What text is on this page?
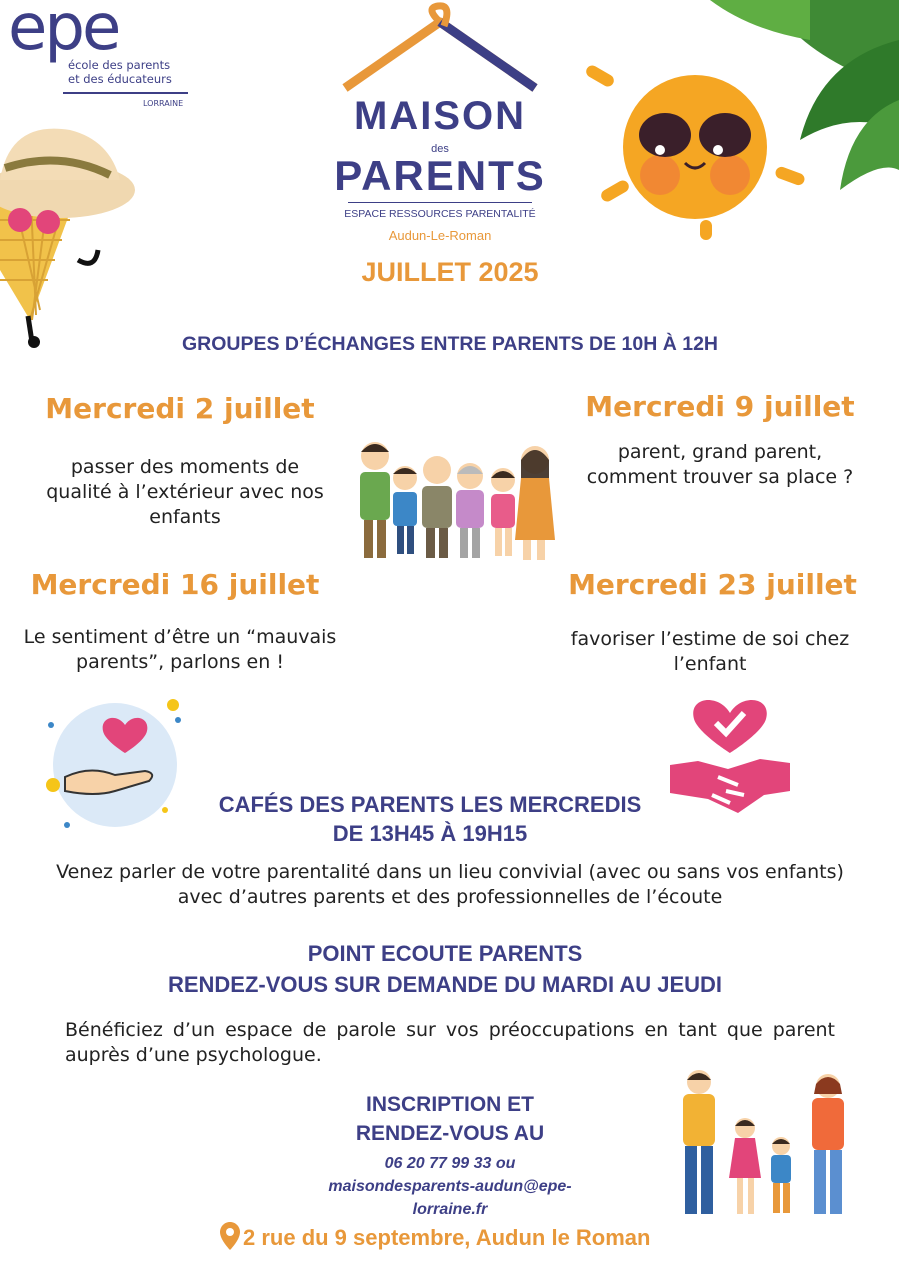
epe
école des parents
et des éducateurs
LORRAINE	MAISON
des
PARENTS
ESPACE RESSOURCES PARENTALITÉ
Audun-Le-Roman
JUILLET 2025
GROUPES D’ÉCHANGES ENTRE PARENTS DE 10H À 12H
Mercredi 2 juillet
passer des moments de qualité à l’extérieur avec nos enfants
Mercredi 9 juillet
parent, grand parent, comment trouver sa place ?
Mercredi 16 juillet
Le sentiment d’être un “mauvais parents”, parlons en !
Mercredi 23 juillet
favoriser l’estime de soi chez l’enfant
CAFÉS DES PARENTS LES MERCREDIS
DE 13H45 À 19H15
Venez parler de votre parentalité dans un lieu convivial (avec ou sans vos enfants) avec d’autres parents et des professionnelles de l’écoute
POINT ECOUTE PARENTS
RENDEZ-VOUS SUR DEMANDE DU MARDI AU JEUDI
Bénéficiez d’un espace de parole sur vos préoccupations en tant que parent auprès d’une psychologue.
INSCRIPTION ET
RENDEZ-VOUS AU
06 20 77 99 33 ou
maisondesparents-audun@epe-
lorraine.fr
2 rue du 9 septembre, Audun le Roman
